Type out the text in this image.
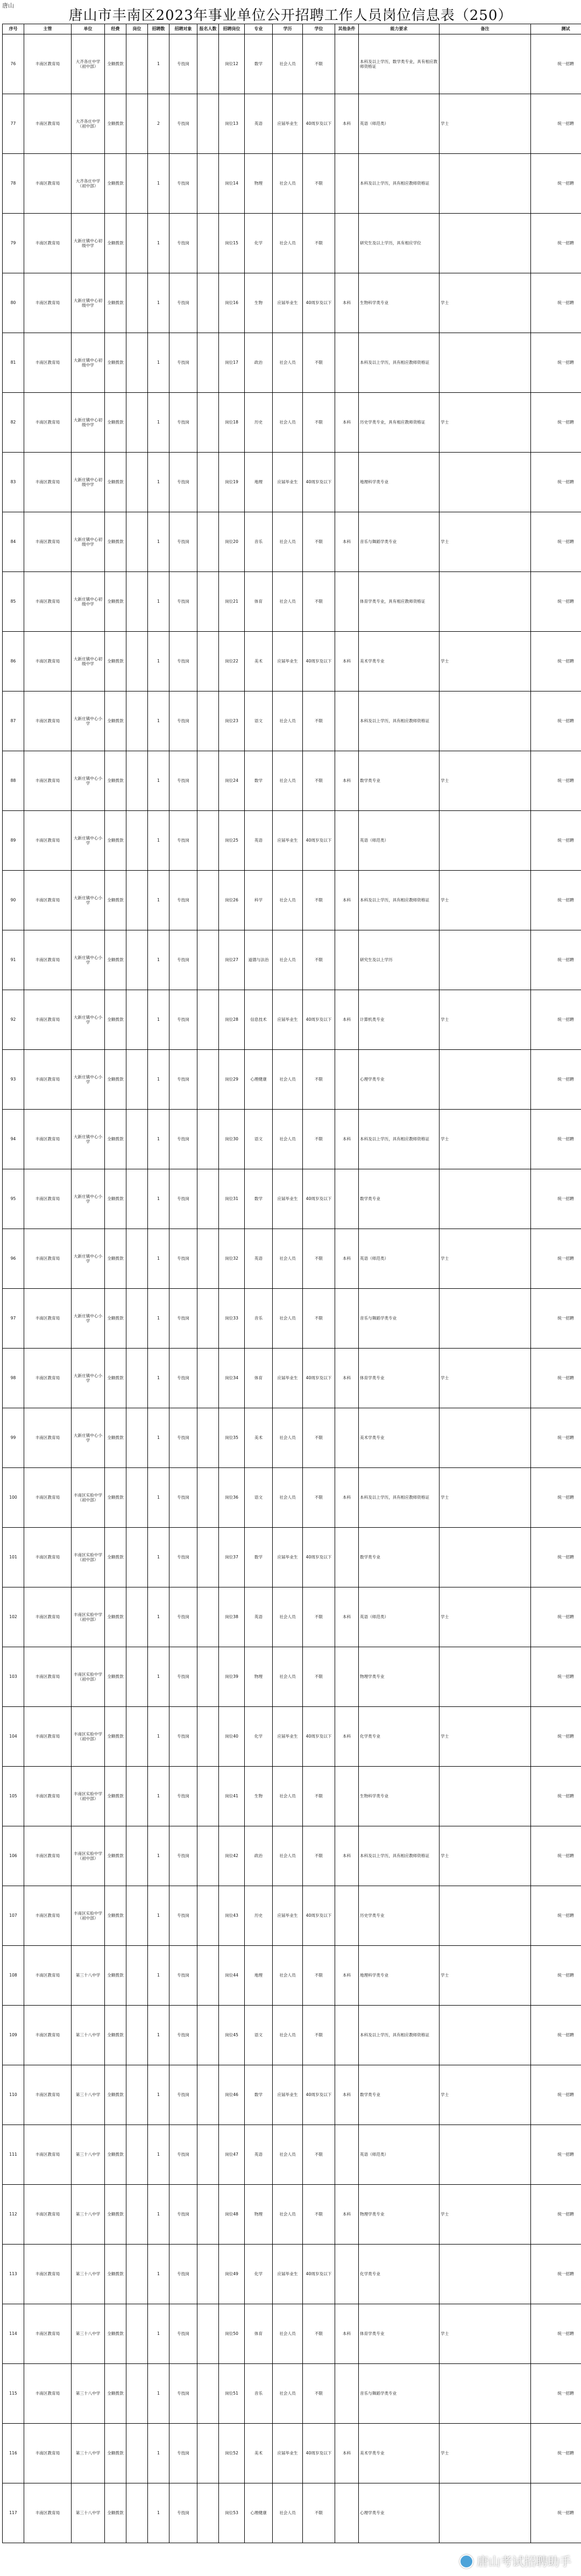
唐山
唐山市丰南区2023年事业单位公开招聘工作人员岗位信息表（250）
序号	主管	单位	经费	岗位	招聘数	招聘对象	报名人数	招聘岗位	专业	学历	学位	其他条件	能力要求	备注	测试
76	丰南区教育局	大齐各庄中学（初中部）	全额拨款		1	专技岗		岗位12	数学	社会人员	不限		本科及以上学历，数学类专业，具有相应教师资格证		统一招聘
77	丰南区教育局	大齐各庄中学（初中部）	全额拨款		2	专技岗		岗位13	英语	应届毕业生	40周岁及以下	本科	英语（师范类）	学士	统一招聘
78	丰南区教育局	大齐各庄中学（初中部）	全额拨款		1	专技岗		岗位14	物理	社会人员	不限		本科及以上学历，具有相应教师资格证		统一招聘
79	丰南区教育局	大新庄镇中心初级中学	全额拨款		1	专技岗		岗位15	化学	社会人员	不限		研究生及以上学历，具有相应学位		统一招聘
80	丰南区教育局	大新庄镇中心初级中学	全额拨款		1	专技岗		岗位16	生物	应届毕业生	40周岁及以下	本科	生物科学类专业	学士	统一招聘
81	丰南区教育局	大新庄镇中心初级中学	全额拨款		1	专技岗		岗位17	政治	社会人员	不限		本科及以上学历，具有相应教师资格证		统一招聘
82	丰南区教育局	大新庄镇中心初级中学	全额拨款		1	专技岗		岗位18	历史	社会人员	不限	本科	历史学类专业，具有相应教师资格证	学士	统一招聘
83	丰南区教育局	大新庄镇中心初级中学	全额拨款		1	专技岗		岗位19	地理	应届毕业生	40周岁及以下		地理科学类专业		统一招聘
84	丰南区教育局	大新庄镇中心初级中学	全额拨款		1	专技岗		岗位20	音乐	社会人员	不限	本科	音乐与舞蹈学类专业	学士	统一招聘
85	丰南区教育局	大新庄镇中心初级中学	全额拨款		1	专技岗		岗位21	体育	社会人员	不限		体育学类专业，具有相应教师资格证		统一招聘
86	丰南区教育局	大新庄镇中心初级中学	全额拨款		1	专技岗		岗位22	美术	应届毕业生	40周岁及以下	本科	美术学类专业	学士	统一招聘
87	丰南区教育局	大新庄镇中心小学	全额拨款		1	专技岗		岗位23	语文	社会人员	不限		本科及以上学历，具有相应教师资格证		统一招聘
88	丰南区教育局	大新庄镇中心小学	全额拨款		1	专技岗		岗位24	数学	社会人员	不限	本科	数学类专业	学士	统一招聘
89	丰南区教育局	大新庄镇中心小学	全额拨款		1	专技岗		岗位25	英语	应届毕业生	40周岁及以下		英语（师范类）		统一招聘
90	丰南区教育局	大新庄镇中心小学	全额拨款		1	专技岗		岗位26	科学	社会人员	不限	本科	本科及以上学历，具有相应教师资格证	学士	统一招聘
91	丰南区教育局	大新庄镇中心小学	全额拨款		1	专技岗		岗位27	道德与法治	社会人员	不限		研究生及以上学历		统一招聘
92	丰南区教育局	大新庄镇中心小学	全额拨款		1	专技岗		岗位28	信息技术	应届毕业生	40周岁及以下	本科	计算机类专业	学士	统一招聘
93	丰南区教育局	大新庄镇中心小学	全额拨款		1	专技岗		岗位29	心理健康	社会人员	不限		心理学类专业		统一招聘
94	丰南区教育局	大新庄镇中心小学	全额拨款		1	专技岗		岗位30	语文	社会人员	不限	本科	本科及以上学历，具有相应教师资格证	学士	统一招聘
95	丰南区教育局	大新庄镇中心小学	全额拨款		1	专技岗		岗位31	数学	应届毕业生	40周岁及以下		数学类专业		统一招聘
96	丰南区教育局	大新庄镇中心小学	全额拨款		1	专技岗		岗位32	英语	社会人员	不限	本科	英语（师范类）	学士	统一招聘
97	丰南区教育局	大新庄镇中心小学	全额拨款		1	专技岗		岗位33	音乐	社会人员	不限		音乐与舞蹈学类专业		统一招聘
98	丰南区教育局	大新庄镇中心小学	全额拨款		1	专技岗		岗位34	体育	应届毕业生	40周岁及以下	本科	体育学类专业	学士	统一招聘
99	丰南区教育局	大新庄镇中心小学	全额拨款		1	专技岗		岗位35	美术	社会人员	不限		美术学类专业		统一招聘
100	丰南区教育局	丰南区实验中学（初中部）	全额拨款		1	专技岗		岗位36	语文	社会人员	不限	本科	本科及以上学历，具有相应教师资格证	学士	统一招聘
101	丰南区教育局	丰南区实验中学（初中部）	全额拨款		1	专技岗		岗位37	数学	应届毕业生	40周岁及以下		数学类专业		统一招聘
102	丰南区教育局	丰南区实验中学（初中部）	全额拨款		1	专技岗		岗位38	英语	社会人员	不限	本科	英语（师范类）	学士	统一招聘
103	丰南区教育局	丰南区实验中学（初中部）	全额拨款		1	专技岗		岗位39	物理	社会人员	不限		物理学类专业		统一招聘
104	丰南区教育局	丰南区实验中学（初中部）	全额拨款		1	专技岗		岗位40	化学	应届毕业生	40周岁及以下	本科	化学类专业	学士	统一招聘
105	丰南区教育局	丰南区实验中学（初中部）	全额拨款		1	专技岗		岗位41	生物	社会人员	不限		生物科学类专业		统一招聘
106	丰南区教育局	丰南区实验中学（初中部）	全额拨款		1	专技岗		岗位42	政治	社会人员	不限	本科	本科及以上学历，具有相应教师资格证	学士	统一招聘
107	丰南区教育局	丰南区实验中学（初中部）	全额拨款		1	专技岗		岗位43	历史	应届毕业生	40周岁及以下		历史学类专业		统一招聘
108	丰南区教育局	第三十八中学	全额拨款		1	专技岗		岗位44	地理	社会人员	不限	本科	地理科学类专业	学士	统一招聘
109	丰南区教育局	第三十八中学	全额拨款		1	专技岗		岗位45	语文	社会人员	不限		本科及以上学历，具有相应教师资格证		统一招聘
110	丰南区教育局	第三十八中学	全额拨款		1	专技岗		岗位46	数学	应届毕业生	40周岁及以下	本科	数学类专业	学士	统一招聘
111	丰南区教育局	第三十八中学	全额拨款		1	专技岗		岗位47	英语	社会人员	不限		英语（师范类）		统一招聘
112	丰南区教育局	第三十八中学	全额拨款		1	专技岗		岗位48	物理	社会人员	不限	本科	物理学类专业	学士	统一招聘
113	丰南区教育局	第三十八中学	全额拨款		1	专技岗		岗位49	化学	应届毕业生	40周岁及以下		化学类专业		统一招聘
114	丰南区教育局	第三十八中学	全额拨款		1	专技岗		岗位50	体育	社会人员	不限	本科	体育学类专业	学士	统一招聘
115	丰南区教育局	第三十八中学	全额拨款		1	专技岗		岗位51	音乐	社会人员	不限		音乐与舞蹈学类专业		统一招聘
116	丰南区教育局	第三十八中学	全额拨款		1	专技岗		岗位52	美术	应届毕业生	40周岁及以下	本科	美术学类专业	学士	统一招聘
117	丰南区教育局	第三十八中学	全额拨款		1	专技岗		岗位53	心理健康	社会人员	不限		心理学类专业		统一招聘
唐山考试招聘助手
